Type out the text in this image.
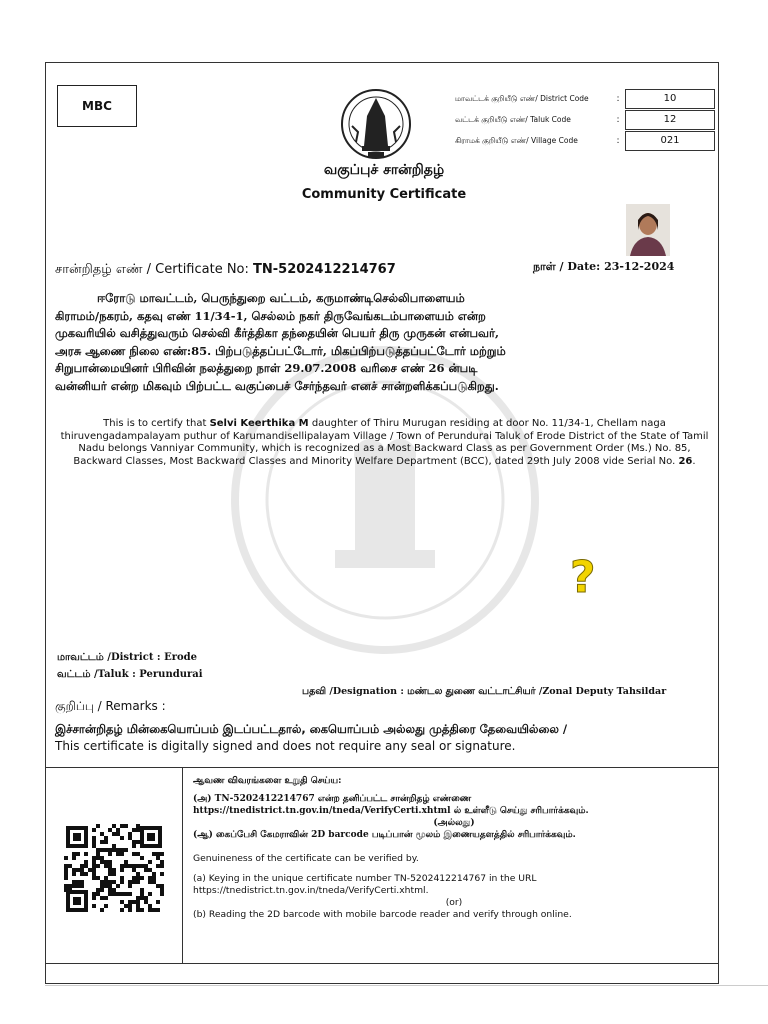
MBC
மாவட்டக் குறியீடு எண்/ District Code	:	10
வட்டக் குறியீடு எண்/ Taluk Code	:	12
கிராமக் குறியீடு எண்/ Village Code	:	021
வகுப்புச் சான்றிதழ்
Community Certificate
சான்றிதழ் எண் / Certificate No: TN-5202412214767	நாள் / Date: 23-12-2024

ஈரோடு மாவட்டம், பெருந்துறை வட்டம், கருமாண்டிசெல்லிபாளையம்

கிராமம்/நகரம், கதவு எண் 11/34-1, செல்லம் நகர் திருவேங்கடம்பாளையம் என்ற

முகவரியில் வசித்துவரும் செல்வி கீர்த்திகா தந்தையின் பெயர் திரு முருகன் என்பவர்,

அரசு ஆணை நிலை எண்:85. பிற்படுத்தப்பட்டோர், மிகப்பிற்படுத்தப்பட்டோர் மற்றும்

சிறுபான்மையினர் பிரிவின் நலத்துறை நாள் 29.07.2008 வரிசை எண் 26 ன்படி

வன்னியர் என்ற மிகவும் பிற்பட்ட வகுப்பைச் சேர்ந்தவர் எனச் சான்றளிக்கப்படுகிறது.

This is to certify that Selvi Keerthika M daughter of Thiru Murugan residing at door No. 11/34-1, Chellam naga thiruvengadampalayam puthur of Karumandisellipalayam Village / Town of Perundurai Taluk of Erode District of the State of Tamil Nadu belongs Vanniyar Community, which is recognized as a Most Backward Class as per Government Order (Ms.) No. 85, Backward Classes, Most Backward Classes and Minority Welfare Department (BCC), dated 29th July 2008 vide Serial No. 26.
?
மாவட்டம் /District : Erode
வட்டம் /Taluk : Perundurai
பதவி /Designation : மண்டல துணை வட்டாட்சியர் /Zonal Deputy Tahsildar
குறிப்பு / Remarks :
இச்சான்றிதழ் மின்கையொப்பம் இடப்பட்டதால், கையொப்பம் அல்லது முத்திரை தேவையில்லை /
This certificate is digitally signed and does not require any seal or signature.

ஆவண விவரங்களை உறுதி செய்ய:

(அ) TN-5202412214767 என்ற தனிப்பட்ட சான்றிதழ் எண்ணை https://tnedistrict.tn.gov.in/tneda/VerifyCerti.xhtml ல் உள்ளீடு செய்து சரிபார்க்கவும்.

(அல்லது)

(ஆ) கைப்பேசி கேமராவின் 2D barcode படிப்பான் மூலம் இணையதளத்தில் சரிபார்க்கவும்.

Genuineness of the certificate can be verified by.

(a) Keying in the unique certificate number TN-5202412214767 in the URL https://tnedistrict.tn.gov.in/tneda/VerifyCerti.xhtml.

(or)

(b) Reading the 2D barcode with mobile barcode reader and verify through online.
